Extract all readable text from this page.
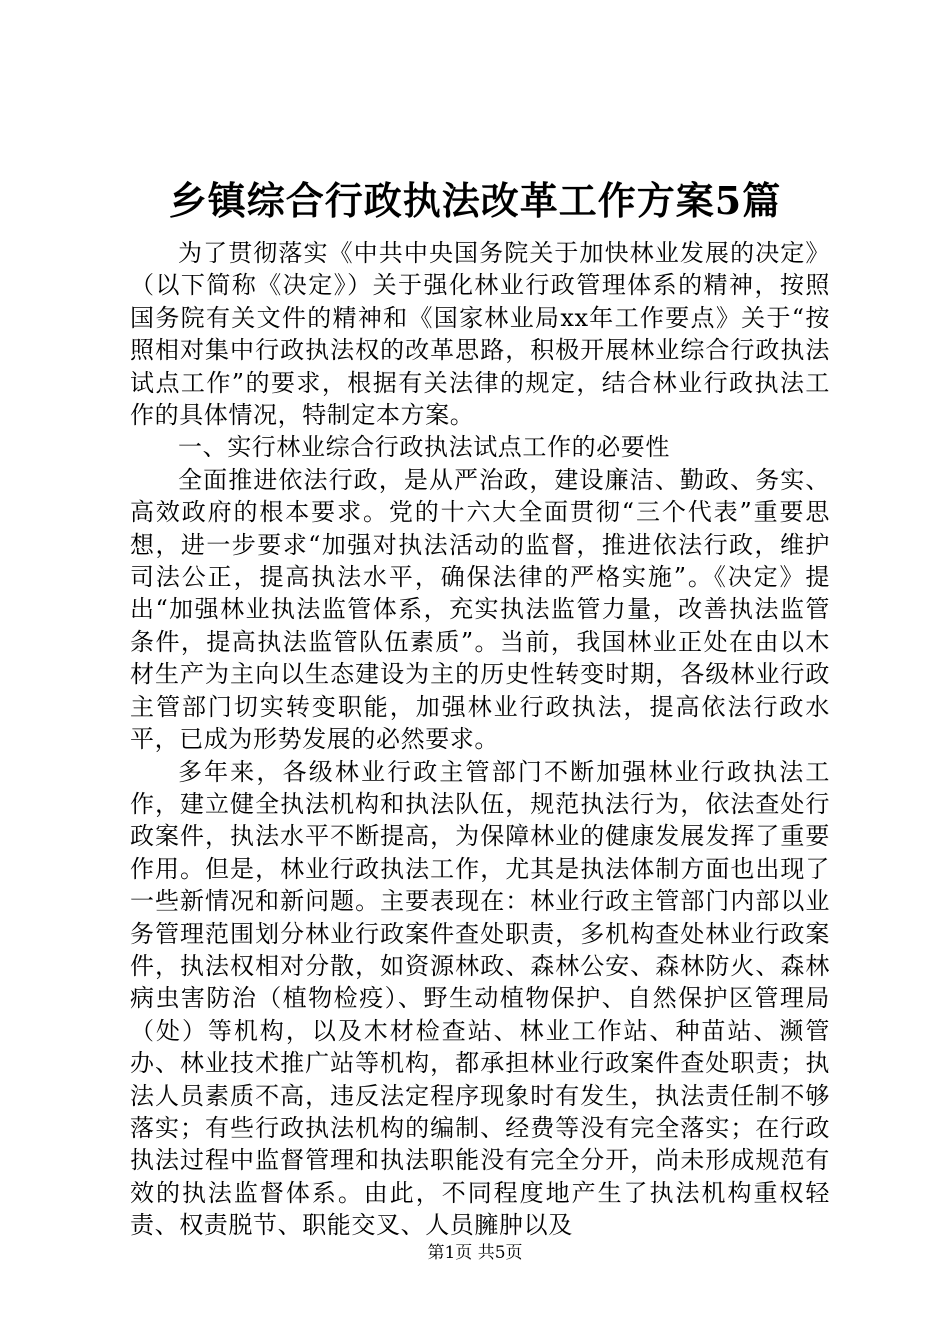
乡镇综合行政执法改革工作方案5篇

为了贯彻落实《中共中央国务院关于加快林业发展的决定》（以下简称《决定》）关于强化林业行政管理体系的精神，按照国务院有关文件的精神和《国家林业局xx年工作要点》关于“按照相对集中行政执法权的改革思路，积极开展林业综合行政执法试点工作”的要求，根据有关法律的规定，结合林业行政执法工作的具体情况，特制定本方案。

一、实行林业综合行政执法试点工作的必要性

全面推进依法行政，是从严治政，建设廉洁、勤政、务实、高效政府的根本要求。党的十六大全面贯彻“三个代表”重要思想，进一步要求“加强对执法活动的监督，推进依法行政，维护司法公正，提高执法水平，确保法律的严格实施”。《决定》提出“加强林业执法监管体系，充实执法监管力量，改善执法监管条件，提高执法监管队伍素质”。当前，我国林业正处在由以木材生产为主向以生态建设为主的历史性转变时期，各级林业行政主管部门切实转变职能，加强林业行政执法，提高依法行政水平，已成为形势发展的必然要求。

多年来，各级林业行政主管部门不断加强林业行政执法工作，建立健全执法机构和执法队伍，规范执法行为，依法查处行政案件，执法水平不断提高，为保障林业的健康发展发挥了重要作用。但是，林业行政执法工作，尤其是执法体制方面也出现了一些新情况和新问题。主要表现在：林业行政主管部门内部以业务管理范围划分林业行政案件查处职责，多机构查处林业行政案件，执法权相对分散，如资源林政、森林公安、森林防火、森林病虫害防治（植物检疫）、野生动植物保护、自然保护区管理局（处）等机构，以及木材检查站、林业工作站、种苗站、濒管办、林业技术推广站等机构，都承担林业行政案件查处职责；执法人员素质不高，违反法定程序现象时有发生，执法责任制不够落实；有些行政执法机构的编制、经费等没有完全落实；在行政执法过程中监督管理和执法职能没有完全分开，尚未形成规范有效的执法监督体系。由此，不同程度地产生了执法机构重权轻责、权责脱节、职能交叉、人员臃肿以及

第1页 共5页
